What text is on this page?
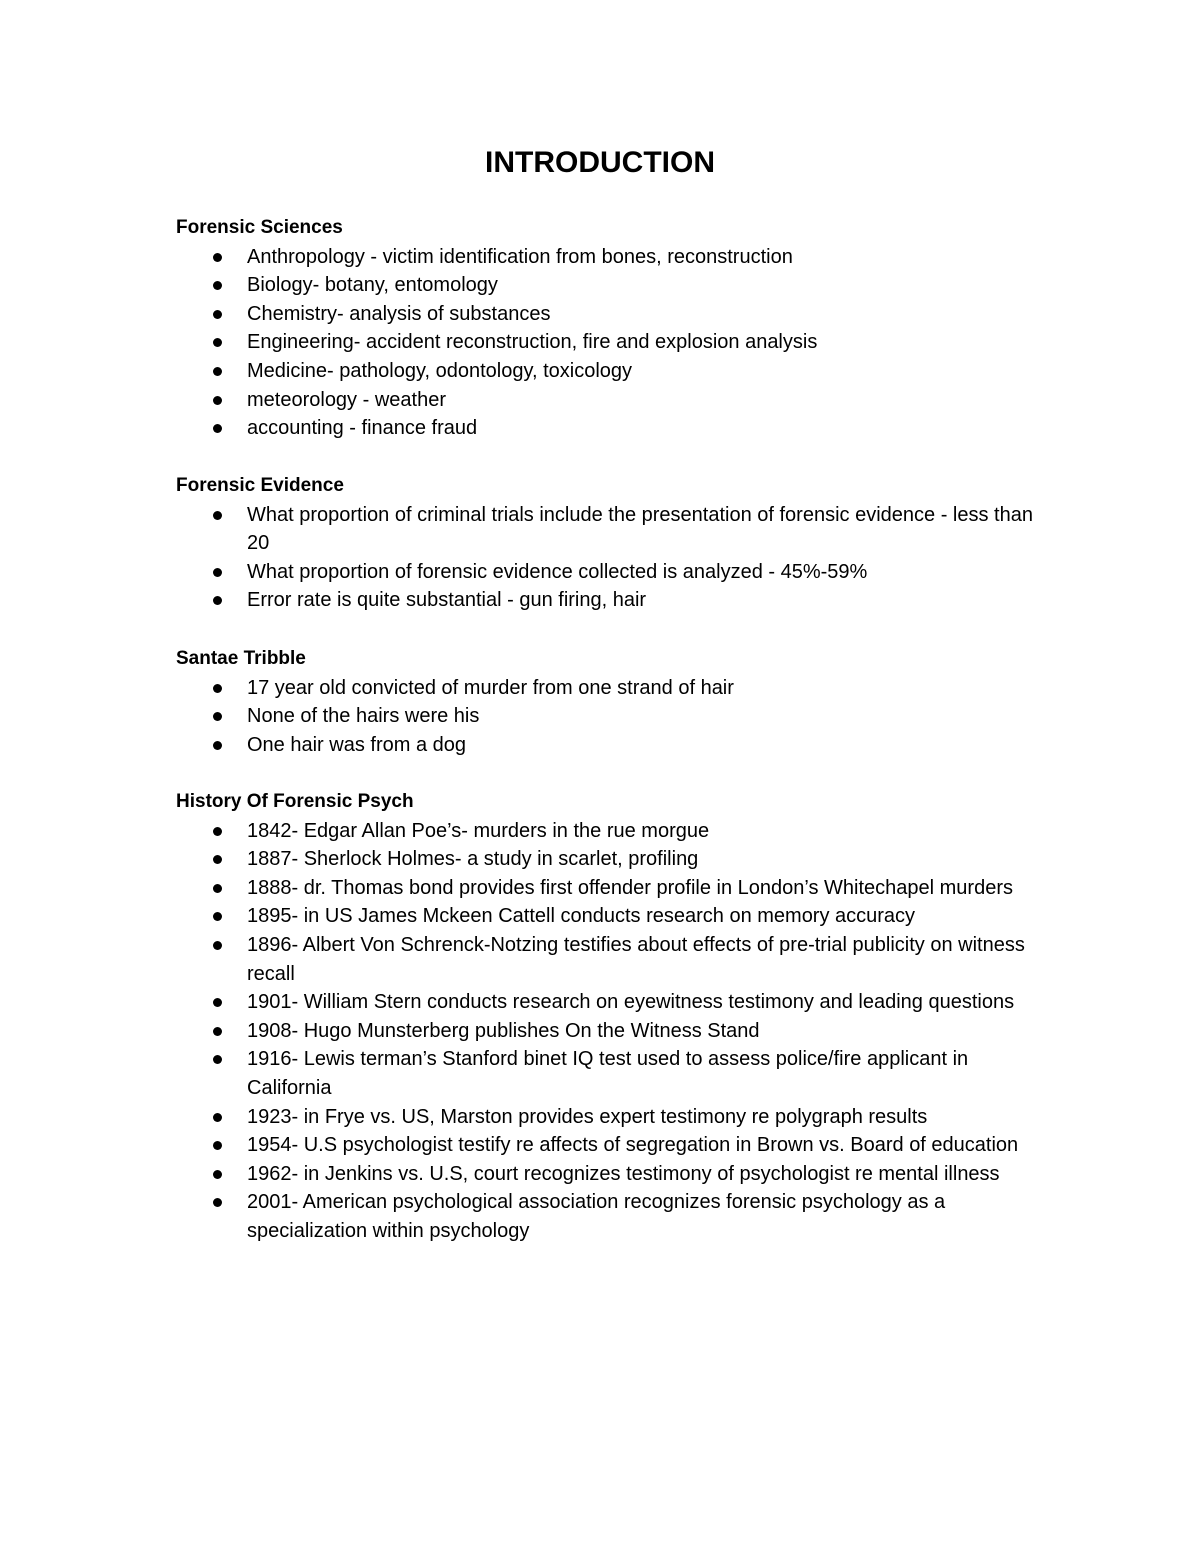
INTRODUCTION
Forensic Sciences
Anthropology - victim identification from bones, reconstruction
Biology- botany, entomology
Chemistry- analysis of substances
Engineering- accident reconstruction, fire and explosion analysis
Medicine- pathology, odontology, toxicology
meteorology - weather
accounting - finance fraud
Forensic Evidence
What proportion of criminal trials include the presentation of forensic evidence - less than 20
What proportion of forensic evidence collected is analyzed - 45%-59%
Error rate is quite substantial - gun firing, hair
Santae Tribble
17 year old convicted of murder from one strand of hair
None of the hairs were his
One hair was from a dog
History Of Forensic Psych
1842- Edgar Allan Poe’s- murders in the rue morgue
1887- Sherlock Holmes- a study in scarlet, profiling
1888- dr. Thomas bond provides first offender profile in London’s Whitechapel murders
1895- in US James Mckeen Cattell conducts research on memory accuracy
1896- Albert Von Schrenck-Notzing testifies about effects of pre-trial publicity on witness recall
1901- William Stern conducts research on eyewitness testimony and leading questions
1908- Hugo Munsterberg publishes On the Witness Stand
1916- Lewis terman’s Stanford binet IQ test used to assess police/fire applicant in California
1923- in Frye vs. US, Marston provides expert testimony re polygraph results
1954- U.S psychologist testify re affects of segregation in Brown vs. Board of education
1962- in Jenkins vs. U.S, court recognizes testimony of psychologist re mental illness
2001- American psychological association recognizes forensic psychology as a specialization within psychology
